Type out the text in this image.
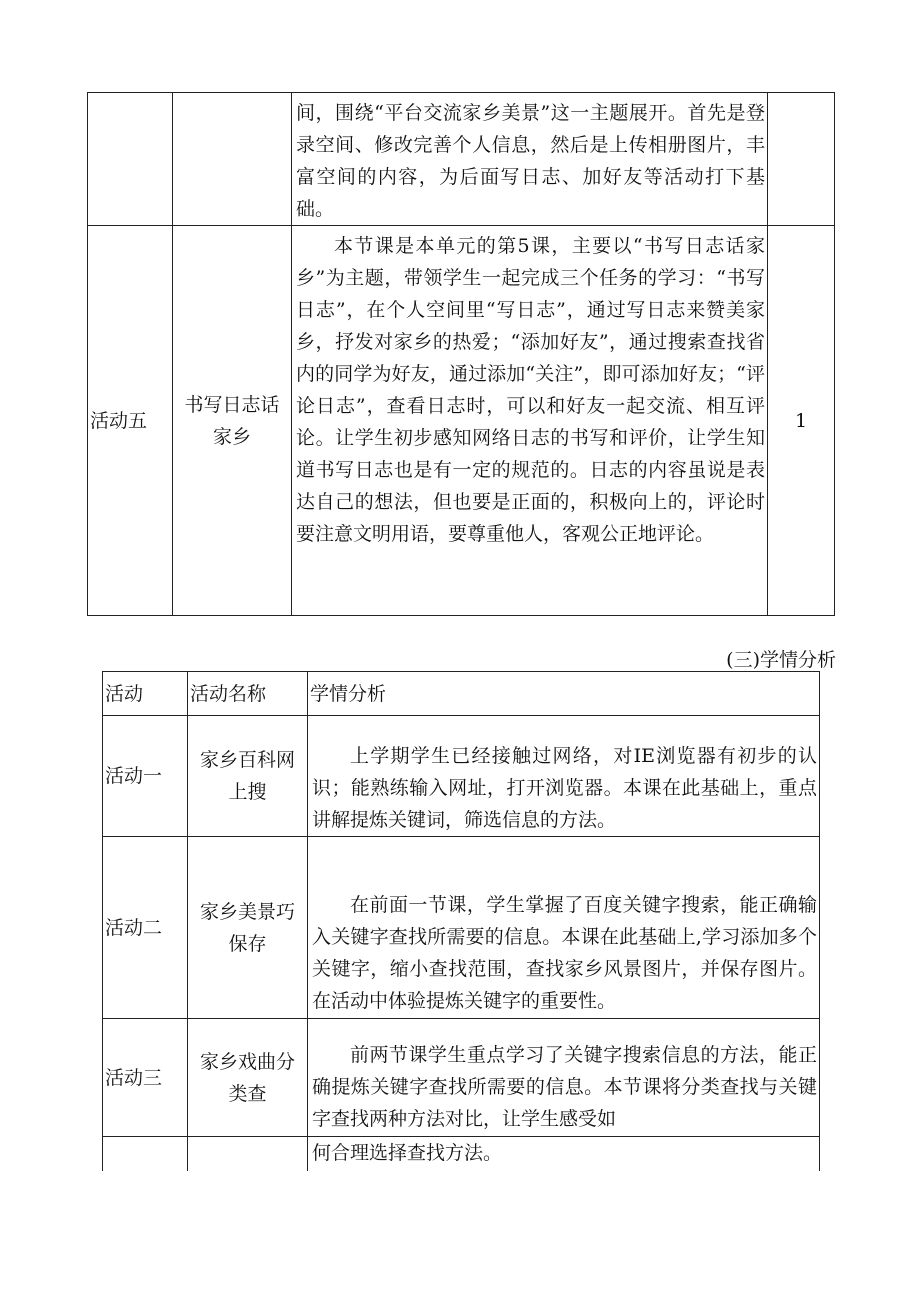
		间，围绕“平台交流家乡美景”这一主题展开。首先是登录空间、修改完善个人信息，然后是上传相册图片，丰富空间的内容，为后面写日志、加好友等活动打下基础。	
活动五	书写日志话家乡	本节课是本单元的第5课，主要以“书写日志话家乡”为主题，带领学生一起完成三个任务的学习：“书写日志”，在个人空间里“写日志”，通过写日志来赞美家乡，抒发对家乡的热爱；“添加好友”，通过搜索查找省内的同学为好友，通过添加“关注”，即可添加好友；“评论日志”，查看日志时，可以和好友一起交流、相互评论。让学生初步感知网络日志的书写和评价，让学生知道书写日志也是有一定的规范的。日志的内容虽说是表达自己的想法，但也要是正面的，积极向上的，评论时要注意文明用语，要尊重他人，客观公正地评论。	1
(三)学情分析
活动	活动名称	学情分析
活动一	家乡百科网上搜	上学期学生已经接触过网络，对IE浏览器有初步的认识；能熟练输入网址，打开浏览器。本课在此基础上，重点讲解提炼关键词，筛选信息的方法。
活动二	家乡美景巧保存	在前面一节课，学生掌握了百度关键字搜索，能正确输入关键字查找所需要的信息。本课在此基础上,学习添加多个关键字，缩小查找范围，查找家乡风景图片，并保存图片。在活动中体验提炼关键字的重要性。
活动三	家乡戏曲分类查	前两节课学生重点学习了关键字搜索信息的方法，能正确提炼关键字查找所需要的信息。本节课将分类查找与关键字查找两种方法对比，让学生感受如
		何合理选择查找方法。
